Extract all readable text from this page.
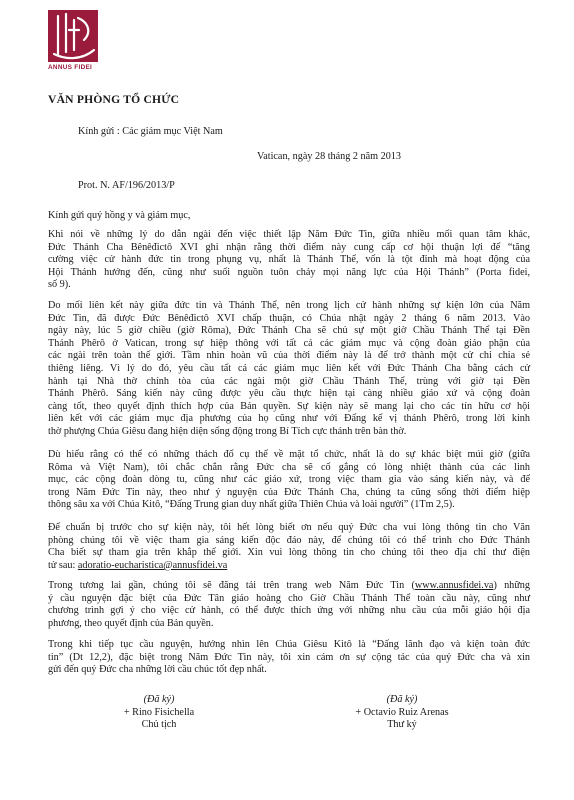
ANNUS FIDEI
VĂN PHÒNG TỔ CHỨC
Kính gửi : Các giám mục Việt Nam
Vatican, ngày 28 tháng 2 năm 2013
Prot. N. AF/196/2013/P
Kính gửi quý hồng y và giám mục,
Khi nói về những lý do dẫn ngài đến việc thiết lập Năm Đức Tin, giữa nhiều mối quan tâm khác,
Đức Thánh Cha Bênêđictô XVI ghi nhận rằng thời điểm này cung cấp cơ hội thuận lợi để “tăng
cường việc cử hành đức tin trong phụng vụ, nhất là Thánh Thể, vốn là tột đỉnh mà hoạt động của
Hội Thánh hướng đến, cũng như suối nguồn tuôn chảy mọi năng lực của Hội Thánh” (Porta fidei,
số 9).
Do mối liên kết này giữa đức tin và Thánh Thể, nên trong lịch cử hành những sự kiện lớn của Năm
Đức Tin, đã được Đức Bênêđictô XVI chấp thuận, có Chúa nhật ngày 2 tháng 6 năm 2013. Vào
ngày này, lúc 5 giờ chiều (giờ Rôma), Đức Thánh Cha sẽ chủ sự một giờ Chầu Thánh Thể tại Đền
Thánh Phêrô ở Vatican, trong sự hiệp thông với tất cả các giám mục và cộng đoàn giáo phận của
các ngài trên toàn thế giới. Tầm nhìn hoàn vũ của thời điểm này là để trở thành một cử chỉ chia sẻ
thiêng liêng. Vì lý do đó, yêu cầu tất cả các giám mục liên kết với Đức Thánh Cha bằng cách cử
hành tại Nhà thờ chính tòa của các ngài một giờ Chầu Thánh Thể, trùng với giờ tại Đền
Thánh Phêrô. Sáng kiến này cũng được yêu cầu thực hiện tại càng nhiều giáo xứ và cộng đoàn
càng tốt, theo quyết định thích hợp của Bản quyền. Sự kiện này sẽ mang lại cho các tín hữu cơ hội
liên kết với các giám mục địa phương của họ cũng như với Đấng kế vị thánh Phêrô, trong lời kinh
thờ phượng Chúa Giêsu đang hiện diện sống động trong Bí Tích cực thánh trên bàn thờ.
Dù hiểu rằng có thể có những thách đố cụ thể về mặt tổ chức, nhất là do sự khác biệt múi giờ (giữa
Rôma và Việt Nam), tôi chắc chắn rằng Đức cha sẽ cố gắng có lòng nhiệt thành của các linh
mục, các cộng đoàn dòng tu, cũng như các giáo xứ, trong việc tham gia vào sáng kiến này, và để
trong Năm Đức Tin này, theo như ý nguyện của Đức Thánh Cha, chúng ta cũng sống thời điểm hiệp
thông sâu xa với Chúa Kitô, “Đấng Trung gian duy nhất giữa Thiên Chúa và loài người” (1Tm 2,5).
Để chuẩn bị trước cho sự kiện này, tôi hết lòng biết ơn nếu quý Đức cha vui lòng thông tin cho Văn
phòng chúng tôi về việc tham gia sáng kiến độc đáo này, để chúng tôi có thể trình cho Đức Thánh
Cha biết sự tham gia trên khắp thế giới. Xin vui lòng thông tin cho chúng tôi theo địa chỉ thư điện
tử sau: adoratio-eucharistica@annusfidei.va
Trong tương lai gần, chúng tôi sẽ đăng tải trên trang web Năm Đức Tin (www.annusfidei.va) những
ý cầu nguyện đặc biệt của Đức Tân giáo hoàng cho Giờ Chầu Thánh Thể toàn cầu này, cũng như
chương trình gợi ý cho việc cử hành, có thể được thích ứng với những nhu cầu của mỗi giáo hội địa
phương, theo quyết định của Bản quyền.
Trong khi tiếp tục cầu nguyện, hướng nhìn lên Chúa Giêsu Kitô là “Đấng lãnh đạo và kiện toàn đức
tin” (Dt 12,2), đặc biệt trong Năm Đức Tin này, tôi xin cám ơn sự cộng tác của quý Đức cha và xin
gửi đến quý Đức cha những lời cầu chúc tốt đẹp nhất.
(Đã ký)
+ Rino Fisichella
Chủ tịch
(Đã ký)
+ Octavio Ruiz Arenas
Thư ký
